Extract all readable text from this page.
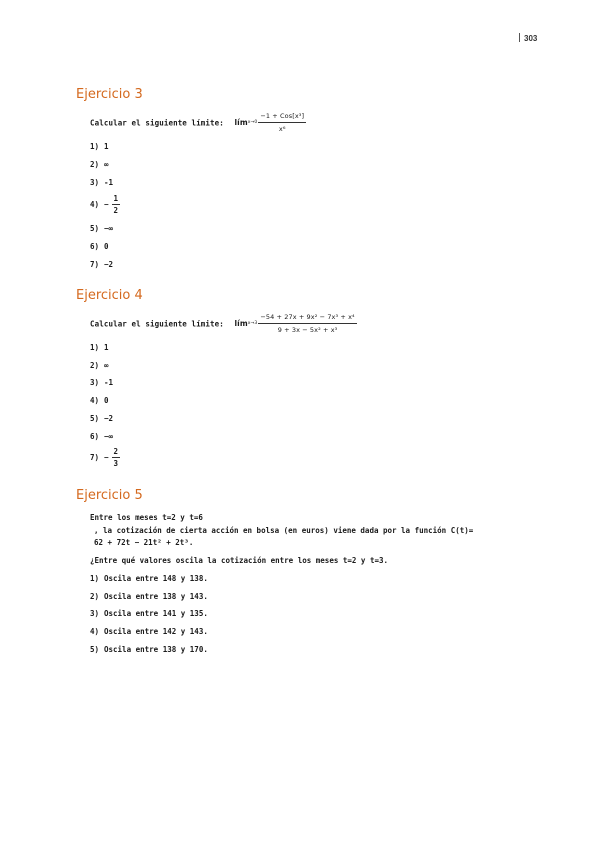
303
Ejercicio 3
Calcular el siguiente límite: lím $x\to 0 \frac{\text{−1 + Cos[x³]}}{\text{x⁶}}$
1) 1
2) ∞
3) -1
$4) - \frac{1}{2}$
5) −∞
6) 0
7) −2
Ejercicio 4
Calcular el siguiente límite: lím $x\to 3 \frac{\text{−54 + 27x + 9x² − 7x³ + x⁴}}{\text{9 + 3x − 5x² + x³}}$
1) 1
2) ∞
3) -1
4) 0
5) −2
6) −∞
$7) - \frac{2}{3}$
Ejercicio 5
Entre los meses t=2 y t=6
, la cotización de cierta acción en bolsa (en euros) viene dada por la función C(t)=
62 + 72t − 21t² + 2t³.
¿Entre qué valores oscila la cotización entre los meses t=2 y t=3.
1) Oscila entre 148 y 138.
2) Oscila entre 138 y 143.
3) Oscila entre 141 y 135.
4) Oscila entre 142 y 143.
5) Oscila entre 138 y 170.
